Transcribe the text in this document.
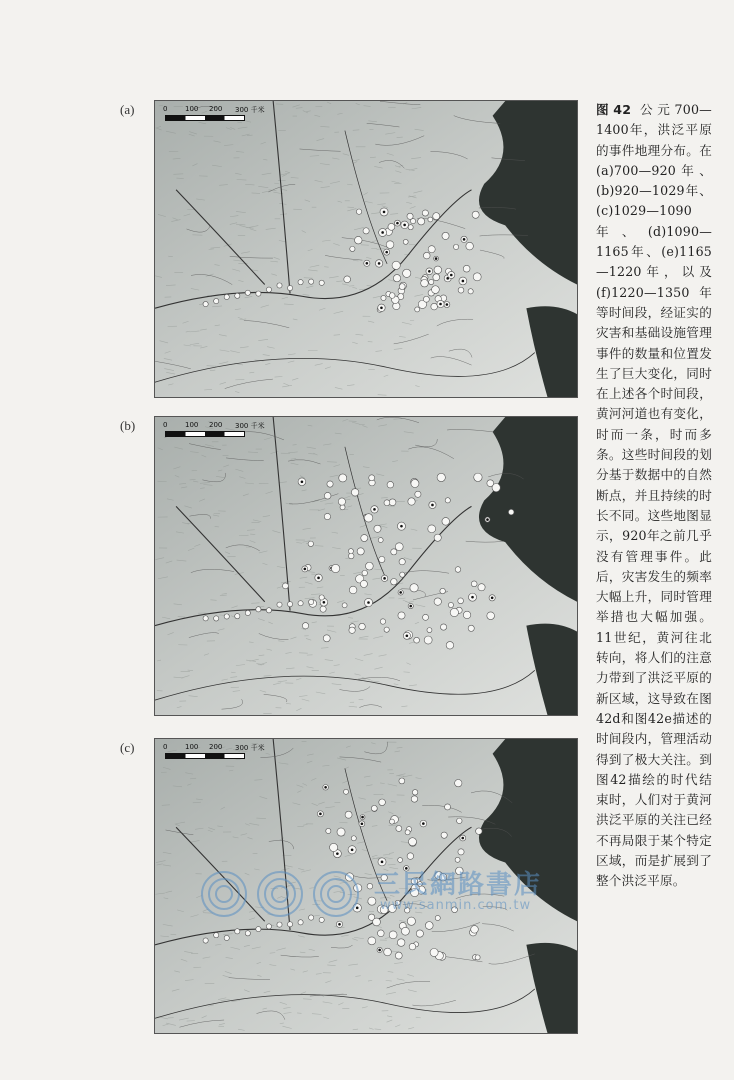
(a)
(b)
(c)
0	100 200 300 千米
0	100 200 300 千米
0	100 200 300 千米
三民網路書店
www.sanmin.com.tw
图42 公元700—1400年，洪泛平原的事件地理分布。在(a)700—920年、(b)920—1029年、(c)1029—1090年、(d)1090—1165年、(e)1165—1220年，以及(f)1220—1350年等时间段，经证实的灾害和基础设施管理事件的数量和位置发生了巨大变化，同时在上述各个时间段，黄河河道也有变化，时而一条，时而多条。这些时间段的划分基于数据中的自然断点，并且持续的时长不同。这些地图显示，920年之前几乎没有管理事件。此后，灾害发生的频率大幅上升，同时管理举措也大幅加强。11世纪，黄河往北转向，将人们的注意力带到了洪泛平原的新区域，这导致在图42d和图42e描述的时间段内，管理活动得到了极大关注。到图42描绘的时代结束时，人们对于黄河洪泛平原的关注已经不再局限于某个特定区域，而是扩展到了整个洪泛平原。
